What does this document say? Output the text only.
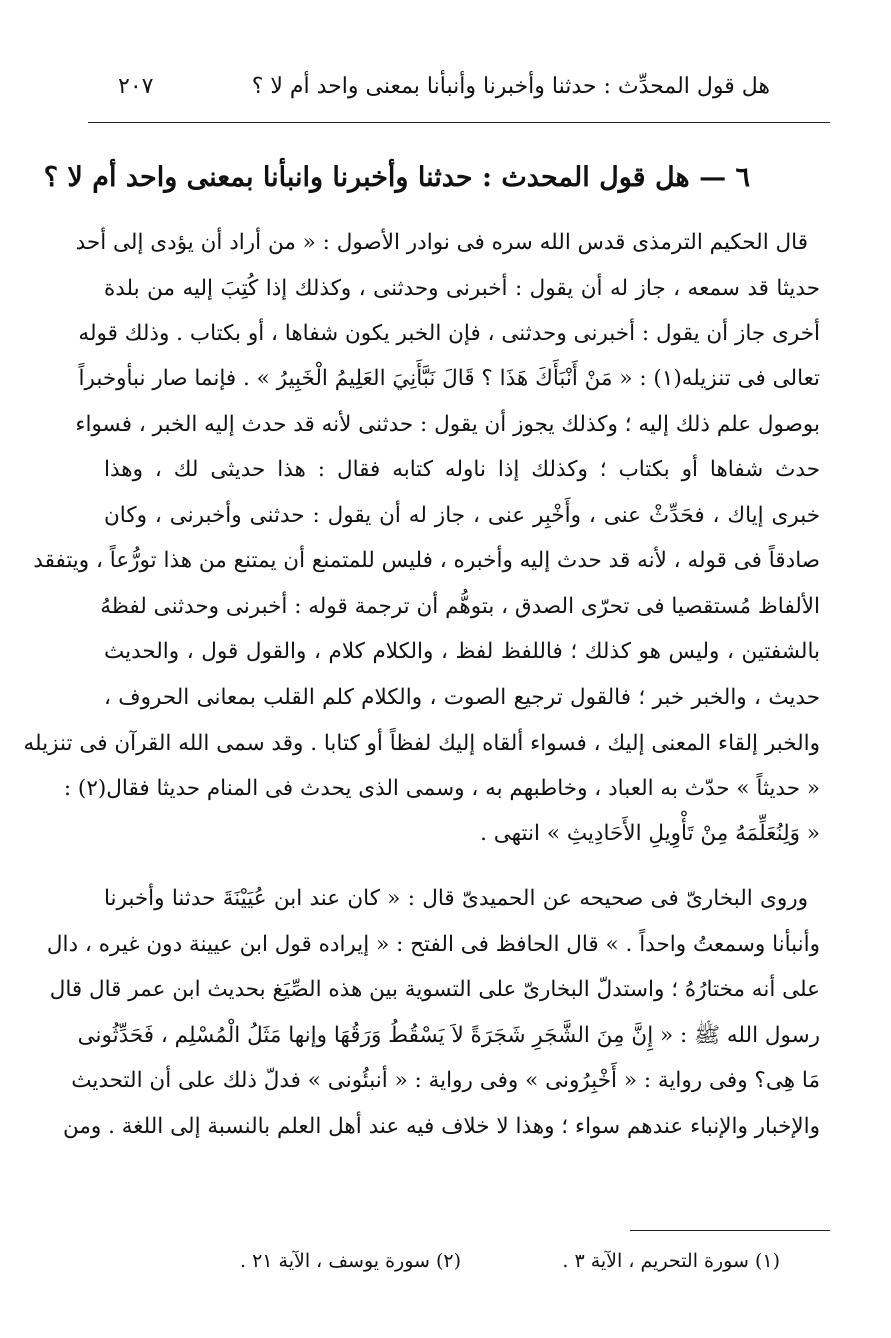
هل قول المحدِّث : حدثنا وأخبرنا وأنبأنا بمعنى واحد أم لا ؟
٢٠٧
٦ — هل قول المحدث : حدثنا وأخبرنا وانبأنا بمعنى واحد أم لا ؟
قال الحكيم الترمذى قدس الله سره فى نوادر الأصول : « من أراد أن يؤدى إلى أحد
حديثا قد سمعه ، جاز له أن يقول : أخبرنى وحدثنى ، وكذلك إذا كُتِبَ إليه من بلدة
أخرى جاز أن يقول : أخبرنى وحدثنى ، فإن الخبر يكون شفاها ، أو بكتاب . وذلك قوله
تعالى فى تنزيله(١) : « مَنْ أَنْبَأَكَ هَذَا ؟ قَالَ نَبَّأَنِيَ العَلِيمُ الْخَبِيرُ » . فإنما صار نبأوخبراً
بوصول علم ذلك إليه ؛ وكذلك يجوز أن يقول : حدثنى لأنه قد حدث إليه الخبر ، فسواء
حدث شفاها أو بكتاب ؛ وكذلك إذا ناوله كتابه فقال : هذا حديثى لك ، وهذا
خبرى إياك ، فحَدِّثْ عنى ، وأَخْبِر عنى ، جاز له أن يقول : حدثنى وأخبرنى ، وكان
صادقاً فى قوله ، لأنه قد حدث إليه وأخبره ، فليس للمتمنع أن يمتنع من هذا تورُّعاً ، ويتفقد
الألفاظ مُستقصيا فى تحرّى الصدق ، بتوهُّم أن ترجمة قوله : أخبرنى وحدثنى لفظهُ
بالشفتين ، وليس هو كذلك ؛ فاللفظ لفظ ، والكلام كلام ، والقول قول ، والحديث
حديث ، والخبر خبر ؛ فالقول ترجيع الصوت ، والكلام كلم القلب بمعانى الحروف ،
والخبر إلقاء المعنى إليك ، فسواء ألقاه إليك لفظاً أو كتابا . وقد سمى الله القرآن فى تنزيله
« حديثاً » حدّث به العباد ، وخاطبهم به ، وسمى الذى يحدث فى المنام حديثا فقال(٢) :
« وَلِنُعَلِّمَهُ مِنْ تَأْوِيلِ الأَحَادِيثِ » انتهى .
وروى البخارىّ فى صحيحه عن الحميدىّ قال : « كان عند ابن عُيَيْنَةَ حدثنا وأخبرنا
وأنبأنا وسمعتُ واحداً . » قال الحافظ فى الفتح : « إيراده قول ابن عيينة دون غيره ، دال
على أنه مختارُهُ ؛ واستدلّ البخارىّ على التسوية بين هذه الصِّيَغ بحديث ابن عمر قال قال
رسول الله ﷺ : « إِنَّ مِنَ الشَّجَرِ شَجَرَةً لاَ يَسْقُطُ وَرَقُهَا وإنها مَثَلُ الْمُسْلِم ، فَحَدِّثُونى
مَا هِى؟ وفى رواية : « أَخْبِرُونى » وفى رواية : « أنبئُونى » فدلّ ذلك على أن التحديث
والإخبار والإنباء عندهم سواء ؛ وهذا لا خلاف فيه عند أهل العلم بالنسبة إلى اللغة . ومن
(١) سورة التحريم ، الآية ٣ .
(٢) سورة يوسف ، الآية ٢١ .
